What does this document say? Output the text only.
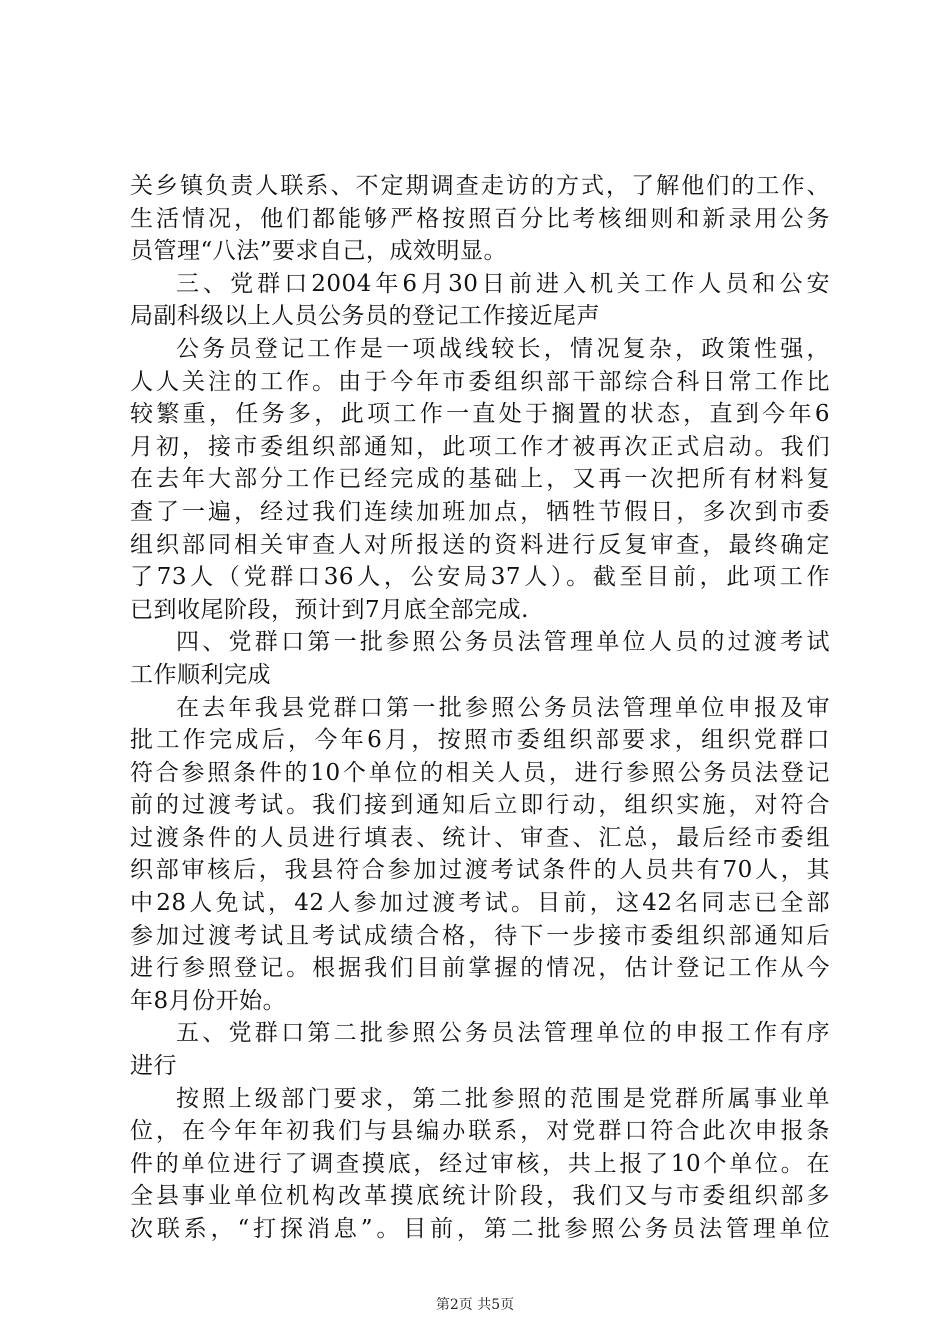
关乡镇负责人联系、不定期调查走访的方式，了解他们的工作、
生活情况，他们都能够严格按照百分比考核细则和新录用公务
员管理“八法”要求自己，成效明显。
三、党群口2004年6月30日前进入机关工作人员和公安
局副科级以上人员公务员的登记工作接近尾声
公务员登记工作是一项战线较长，情况复杂，政策性强，
人人关注的工作。由于今年市委组织部干部综合科日常工作比
较繁重，任务多，此项工作一直处于搁置的状态，直到今年6
月初，接市委组织部通知，此项工作才被再次正式启动。我们
在去年大部分工作已经完成的基础上，又再一次把所有材料复
查了一遍，经过我们连续加班加点，牺牲节假日，多次到市委
组织部同相关审查人对所报送的资料进行反复审查，最终确定
了73人（党群口36人，公安局37人）。截至目前，此项工作
已到收尾阶段，预计到7月底全部完成.
四、党群口第一批参照公务员法管理单位人员的过渡考试
工作顺利完成
在去年我县党群口第一批参照公务员法管理单位申报及审
批工作完成后，今年6月，按照市委组织部要求，组织党群口
符合参照条件的10个单位的相关人员，进行参照公务员法登记
前的过渡考试。我们接到通知后立即行动，组织实施，对符合
过渡条件的人员进行填表、统计、审查、汇总，最后经市委组
织部审核后，我县符合参加过渡考试条件的人员共有70人，其
中28人免试，42人参加过渡考试。目前，这42名同志已全部
参加过渡考试且考试成绩合格，待下一步接市委组织部通知后
进行参照登记。根据我们目前掌握的情况，估计登记工作从今
年8月份开始。
五、党群口第二批参照公务员法管理单位的申报工作有序
进行
按照上级部门要求，第二批参照的范围是党群所属事业单
位，在今年年初我们与县编办联系，对党群口符合此次申报条
件的单位进行了调查摸底，经过审核，共上报了10个单位。在
全县事业单位机构改革摸底统计阶段，我们又与市委组织部多
次联系，“打探消息”。目前，第二批参照公务员法管理单位
第2页 共5页
